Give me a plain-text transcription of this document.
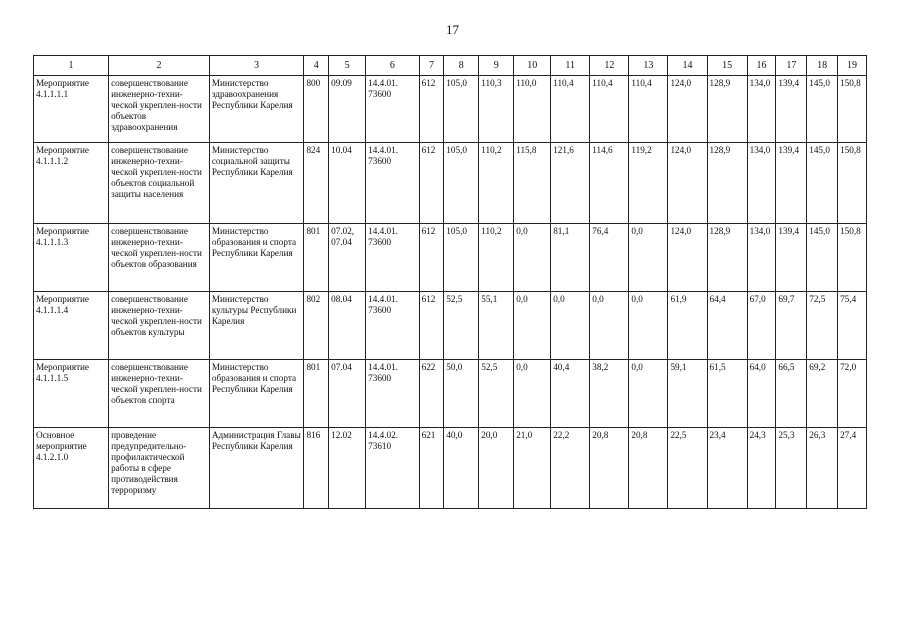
17
1	2	3	4	5	6	7	8	9	10	11	12	13	14	15	16	17	18	19
Мероприятие 4.1.1.1.1	совершенствование инженерно-техни-ческой укреплен-ности объектов здравоохранения	Министерство здравоохранения Республики Карелия	800	09.09	14.4.01. 73600	612	105,0	110,3	110,0	110,4	110,4	110,4	124,0	128,9	134,0	139,4	145,0	150,8
Мероприятие 4.1.1.1.2	совершенствование инженерно-техни-ческой укреплен-ности объектов социальной защиты населения	Министерство социальной защиты Республики Карелия	824	10.04	14.4.01. 73600	612	105,0	110,2	115,8	121,6	114,6	119,2	124,0	128,9	134,0	139,4	145,0	150,8
Мероприятие 4.1.1.1.3	совершенствование инженерно-техни-ческой укреплен-ности объектов образования	Министерство образования и спорта Республики Карелия	801	07.02, 07.04	14.4.01. 73600	612	105,0	110,2	0,0	81,1	76,4	0,0	124,0	128,9	134,0	139,4	145,0	150,8
Мероприятие 4.1.1.1.4	совершенствование инженерно-техни-ческой укреплен-ности объектов культуры	Министерство культуры Республики Карелия	802	08.04	14.4.01. 73600	612	52,5	55,1	0,0	0,0	0,0	0,0	61,9	64,4	67,0	69,7	72,5	75,4
Мероприятие 4.1.1.1.5	совершенствование инженерно-техни-ческой укреплен-ности объектов спорта	Министерство образования и спорта Республики Карелия	801	07.04	14.4.01. 73600	622	50,0	52,5	0,0	40,4	38,2	0,0	59,1	61,5	64,0	66,5	69,2	72,0
Основное мероприятие 4.1.2.1.0	проведение предупредительно-профилактической работы в сфере противодействия терроризму	Администрация Главы Республики Карелия	816	12.02	14.4.02. 73610	621	40,0	20,0	21,0	22,2	20,8	20,8	22,5	23,4	24,3	25,3	26,3	27,4
